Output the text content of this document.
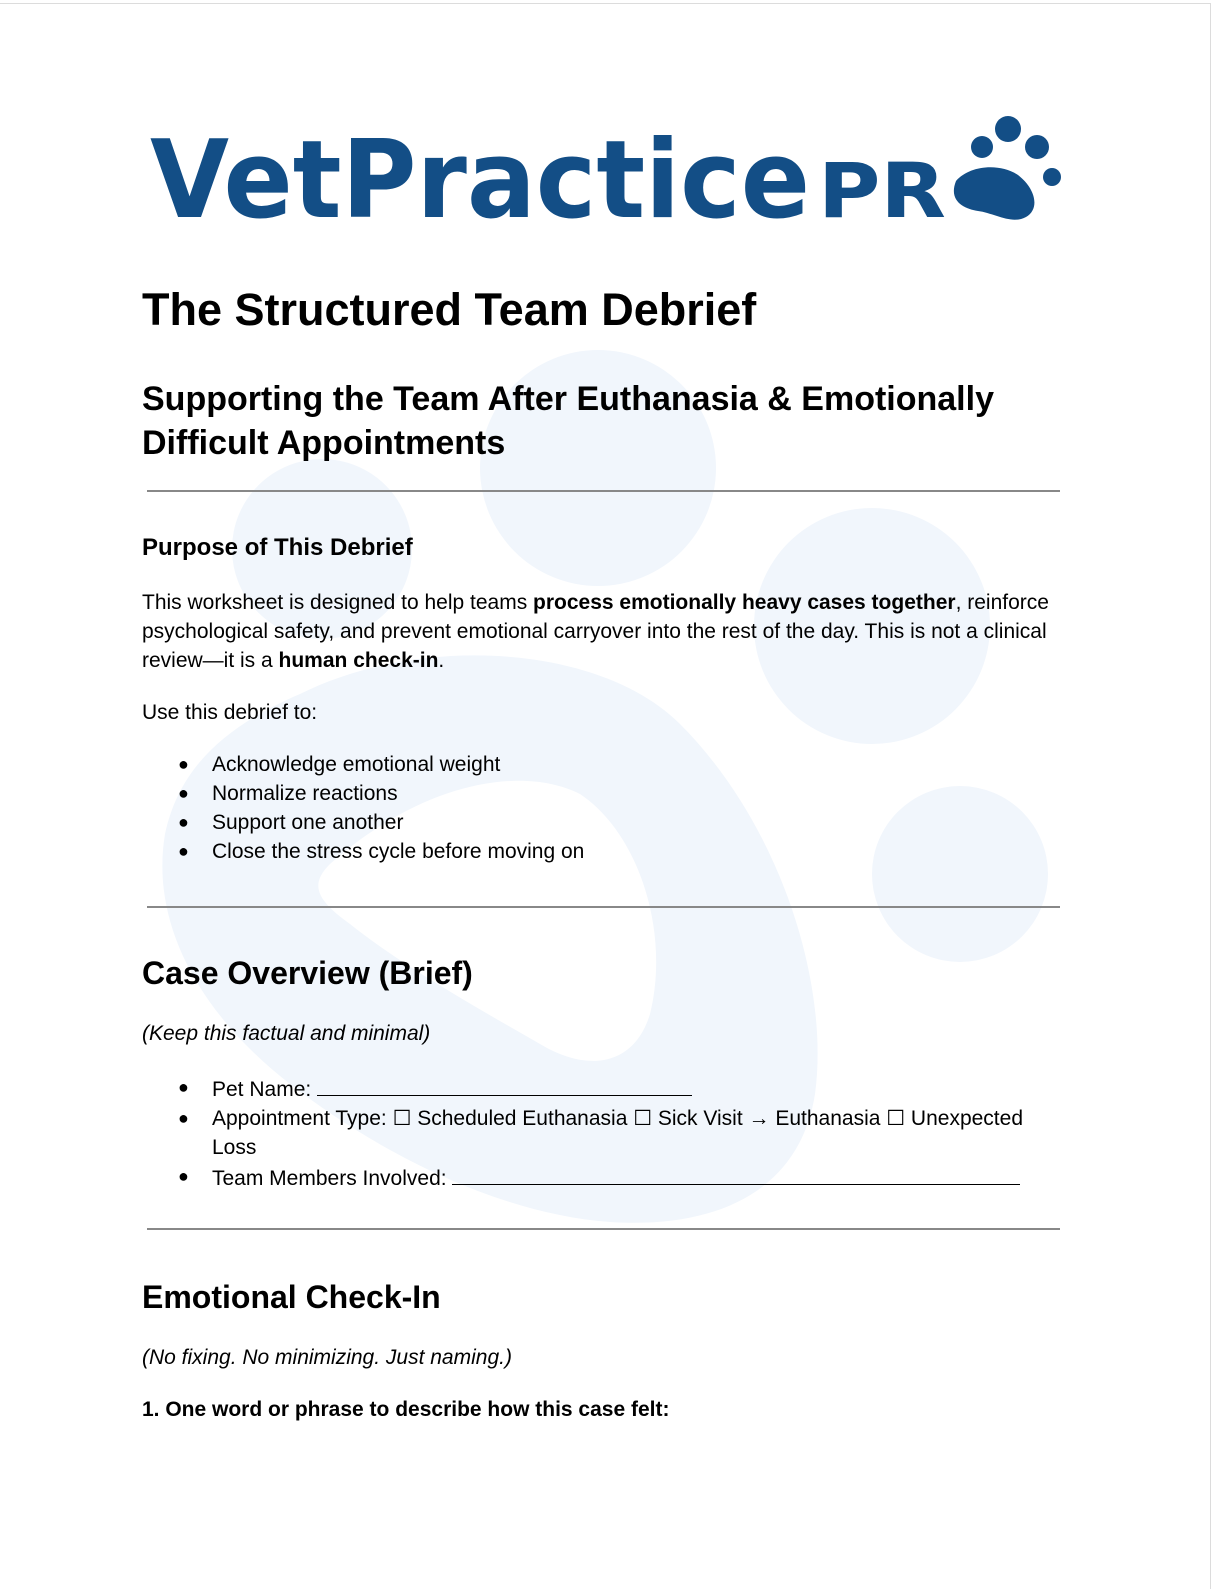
VetPractice PR
The Structured Team Debrief
Supporting the Team After Euthanasia & Emotionally Difficult Appointments
Purpose of This Debrief

This worksheet is designed to help teams process emotionally heavy cases together, reinforce psychological safety, and prevent emotional carryover into the rest of the day. This is not a clinical review—it is a human check-in.

Use this debrief to:

● Acknowledge emotional weight
● Normalize reactions
● Support one another
● Close the stress cycle before moving on
Case Overview (Brief)

(Keep this factual and minimal)

● Pet Name:
● Appointment Type: ☐ Scheduled Euthanasia ☐ Sick Visit → Euthanasia ☐ Unexpected Loss
● Team Members Involved:
Emotional Check-In

(No fixing. No minimizing. Just naming.)

1. One word or phrase to describe how this case felt:
